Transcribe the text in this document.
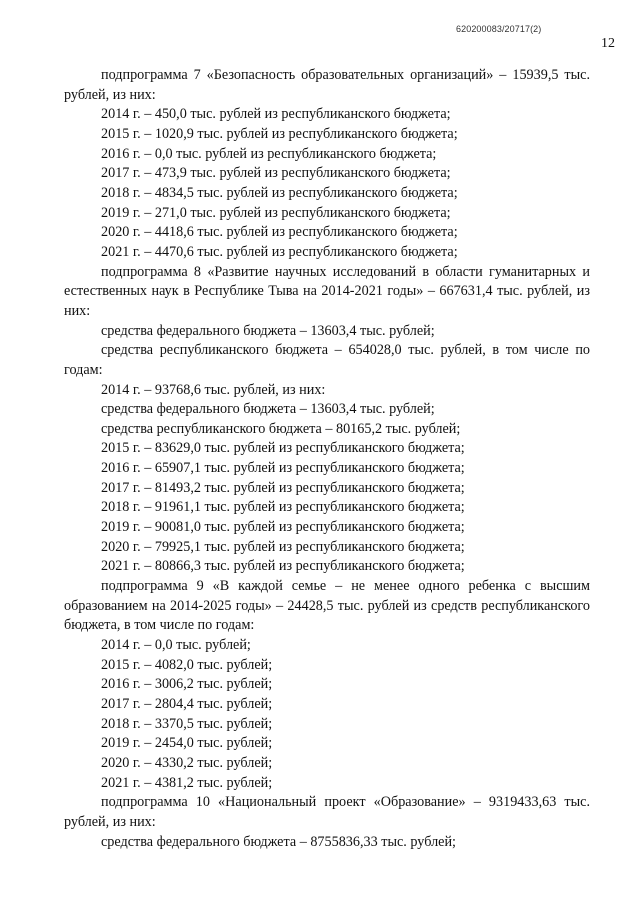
620200083/20717(2)
12

подпрограмма 7 «Безопасность образовательных организаций» – 15939,5 тыс. рублей, из них:

2014 г. – 450,0 тыс. рублей из республиканского бюджета;

2015 г. – 1020,9 тыс. рублей из республиканского бюджета;

2016 г. – 0,0 тыс. рублей из республиканского бюджета;

2017 г. – 473,9 тыс. рублей из республиканского бюджета;

2018 г. – 4834,5 тыс. рублей из республиканского бюджета;

2019 г. – 271,0 тыс. рублей из республиканского бюджета;

2020 г. – 4418,6 тыс. рублей из республиканского бюджета;

2021 г. – 4470,6 тыс. рублей из республиканского бюджета;

подпрограмма 8 «Развитие научных исследований в области гуманитарных и естественных наук в Республике Тыва на 2014-2021 годы» – 667631,4 тыс. рублей, из них:

средства федерального бюджета – 13603,4 тыс. рублей;

средства республиканского бюджета – 654028,0 тыс. рублей, в том числе по годам:

2014 г. – 93768,6 тыс. рублей, из них:

средства федерального бюджета – 13603,4 тыс. рублей;

средства республиканского бюджета – 80165,2 тыс. рублей;

2015 г. – 83629,0 тыс. рублей из республиканского бюджета;

2016 г. – 65907,1 тыс. рублей из республиканского бюджета;

2017 г. – 81493,2 тыс. рублей из республиканского бюджета;

2018 г. – 91961,1 тыс. рублей из республиканского бюджета;

2019 г. – 90081,0 тыс. рублей из республиканского бюджета;

2020 г. – 79925,1 тыс. рублей из республиканского бюджета;

2021 г. – 80866,3 тыс. рублей из республиканского бюджета;

подпрограмма 9 «В каждой семье – не менее одного ребенка с высшим образованием на 2014-2025 годы» – 24428,5 тыс. рублей из средств республиканского бюджета, в том числе по годам:

2014 г. – 0,0 тыс. рублей;

2015 г. – 4082,0 тыс. рублей;

2016 г. – 3006,2 тыс. рублей;

2017 г. – 2804,4 тыс. рублей;

2018 г. – 3370,5 тыс. рублей;

2019 г. – 2454,0 тыс. рублей;

2020 г. – 4330,2 тыс. рублей;

2021 г. – 4381,2 тыс. рублей;

подпрограмма 10 «Национальный проект «Образование» – 9319433,63 тыс. рублей, из них:

средства федерального бюджета – 8755836,33 тыс. рублей;
